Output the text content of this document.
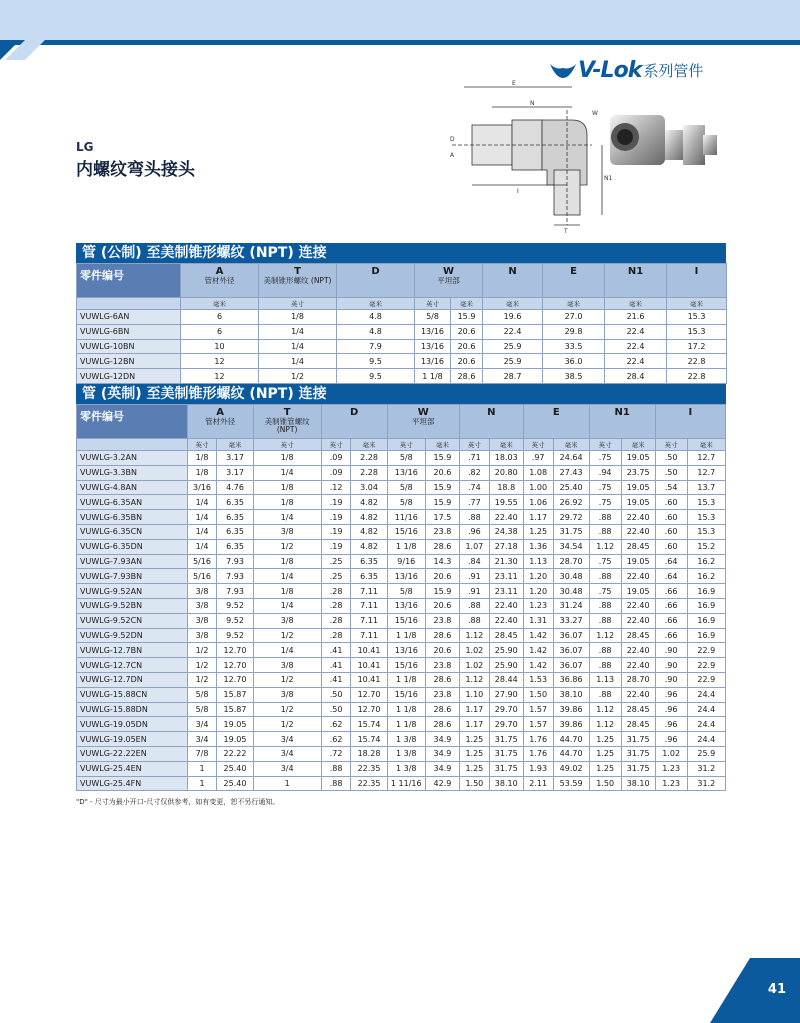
V-Lok 系列管件
LG
内螺纹弯头接头
E
N
W
D
A
I
N1
T
管 (公制) 至美制锥形螺纹 (NPT) 连接
零件编号	A
管材外径	T
美制锥形螺纹 (NPT)	D	W
平坦部		N	E	N1	I

	毫米	英寸	毫米	英寸	毫米	毫米	毫米	毫米	毫米
VUWLG-6AN	6	1/8	4.8	5/8	15.9	19.6	27.0	21.6	15.3
VUWLG-6BN	6	1/4	4.8	13/16	20.6	22.4	29.8	22.4	15.3
VUWLG-10BN	10	1/4	7.9	13/16	20.6	25.9	33.5	22.4	17.2
VUWLG-12BN	12	1/4	9.5	13/16	20.6	25.9	36.0	22.4	22.8
VUWLG-12DN	12	1/2	9.5	1 1/8	28.6	28.7	38.5	28.4	22.8
管 (英制) 至美制锥形螺纹 (NPT) 连接
零件编号	A
管材外径		T
美制锥管螺纹 (NPT)	D		W
平坦部		N		E		N1		I	

	英寸	毫米	英寸	英寸	毫米	英寸	毫米	英寸	毫米	英寸	毫米	英寸	毫米	英寸	毫米
VUWLG-3.2AN	1/8	3.17	1/8	.09	2.28	5/8	15.9	.71	18.03	.97	24.64	.75	19.05	.50	12.7
VUWLG-3.3BN	1/8	3.17	1/4	.09	2.28	13/16	20.6	.82	20.80	1.08	27.43	.94	23.75	.50	12.7
VUWLG-4.8AN	3/16	4.76	1/8	.12	3.04	5/8	15.9	.74	18.8	1.00	25.40	.75	19.05	.54	13.7
VUWLG-6.35AN	1/4	6.35	1/8	.19	4.82	5/8	15.9	.77	19.55	1.06	26.92	.75	19.05	.60	15.3
VUWLG-6.35BN	1/4	6.35	1/4	.19	4.82	11/16	17.5	.88	22.40	1.17	29.72	.88	22.40	.60	15.3
VUWLG-6.35CN	1/4	6.35	3/8	.19	4.82	15/16	23.8	.96	24.38	1.25	31.75	.88	22.40	.60	15.3
VUWLG-6.35DN	1/4	6.35	1/2	.19	4.82	1 1/8	28.6	1.07	27.18	1.36	34.54	1.12	28.45	.60	15.2
VUWLG-7.93AN	5/16	7.93	1/8	.25	6.35	9/16	14.3	.84	21.30	1.13	28.70	.75	19.05	.64	16.2
VUWLG-7.93BN	5/16	7.93	1/4	.25	6.35	13/16	20.6	.91	23.11	1.20	30.48	.88	22.40	.64	16.2
VUWLG-9.52AN	3/8	7.93	1/8	.28	7.11	5/8	15.9	.91	23.11	1.20	30.48	.75	19.05	.66	16.9
VUWLG-9.52BN	3/8	9.52	1/4	.28	7.11	13/16	20.6	.88	22.40	1.23	31.24	.88	22.40	.66	16.9
VUWLG-9.52CN	3/8	9.52	3/8	.28	7.11	15/16	23.8	.88	22.40	1.31	33.27	.88	22.40	.66	16.9
VUWLG-9.52DN	3/8	9.52	1/2	.28	7.11	1 1/8	28.6	1.12	28.45	1.42	36.07	1.12	28.45	.66	16.9
VUWLG-12.7BN	1/2	12.70	1/4	.41	10.41	13/16	20.6	1.02	25.90	1.42	36.07	.88	22.40	.90	22.9
VUWLG-12.7CN	1/2	12.70	3/8	.41	10.41	15/16	23.8	1.02	25.90	1.42	36.07	.88	22.40	.90	22.9
VUWLG-12.7DN	1/2	12.70	1/2	.41	10.41	1 1/8	28.6	1.12	28.44	1.53	36.86	1.13	28.70	.90	22.9
VUWLG-15.88CN	5/8	15.87	3/8	.50	12.70	15/16	23.8	1.10	27.90	1.50	38.10	.88	22.40	.96	24.4
VUWLG-15.88DN	5/8	15.87	1/2	.50	12.70	1 1/8	28.6	1.17	29.70	1.57	39.86	1.12	28.45	.96	24.4
VUWLG-19.05DN	3/4	19.05	1/2	.62	15.74	1 1/8	28.6	1.17	29.70	1.57	39.86	1.12	28.45	.96	24.4
VUWLG-19.05EN	3/4	19.05	3/4	.62	15.74	1 3/8	34.9	1.25	31.75	1.76	44.70	1.25	31.75	.96	24.4
VUWLG-22.22EN	7/8	22.22	3/4	.72	18.28	1 3/8	34.9	1.25	31.75	1.76	44.70	1.25	31.75	1.02	25.9
VUWLG-25.4EN	1	25.40	3/4	.88	22.35	1 3/8	34.9	1.25	31.75	1.93	49.02	1.25	31.75	1.23	31.2
VUWLG-25.4FN	1	25.40	1	.88	22.35	1 11/16	42.9	1.50	38.10	2.11	53.59	1.50	38.10	1.23	31.2
"D" - 尺寸为最小开口-尺寸仅供参考，如有变更，恕不另行通知。
41
